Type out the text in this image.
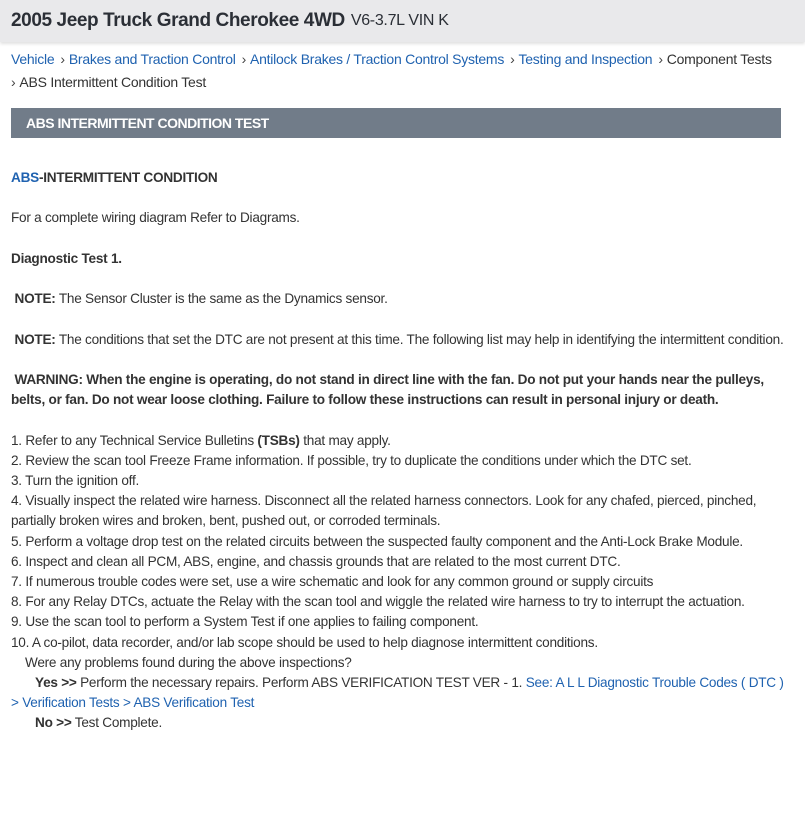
2005 Jeep Truck Grand Cherokee 4WD V6-3.7L VIN K
Vehicle › Brakes and Traction Control › Antilock Brakes / Traction Control Systems › Testing and Inspection › Component Tests
› ABS Intermittent Condition Test
ABS INTERMITTENT CONDITION TEST

ABS-INTERMITTENT CONDITION

For a complete wiring diagram Refer to Diagrams.

Diagnostic Test 1.

NOTE: The Sensor Cluster is the same as the Dynamics sensor.

NOTE: The conditions that set the DTC are not present at this time. The following list may help in identifying the intermittent condition.

WARNING: When the engine is operating, do not stand in direct line with the fan. Do not put your hands near the pulleys, belts, or fan. Do not wear loose clothing. Failure to follow these instructions can result in personal injury or death.

1. Refer to any Technical Service Bulletins (TSBs) that may apply.
2. Review the scan tool Freeze Frame information. If possible, try to duplicate the conditions under which the DTC set.
3. Turn the ignition off.
4. Visually inspect the related wire harness. Disconnect all the related harness connectors. Look for any chafed, pierced, pinched, partially broken wires and broken, bent, pushed out, or corroded terminals.
5. Perform a voltage drop test on the related circuits between the suspected faulty component and the Anti-Lock Brake Module.
6. Inspect and clean all PCM, ABS, engine, and chassis grounds that are related to the most current DTC.
7. If numerous trouble codes were set, use a wire schematic and look for any common ground or supply circuits
8. For any Relay DTCs, actuate the Relay with the scan tool and wiggle the related wire harness to try to interrupt the actuation.
9. Use the scan tool to perform a System Test if one applies to failing component.
10. A co-pilot, data recorder, and/or lab scope should be used to help diagnose intermittent conditions.
Were any problems found during the above inspections?
Yes >> Perform the necessary repairs. Perform ABS VERIFICATION TEST VER - 1. See: A L L Diagnostic Trouble Codes ( DTC ) > Verification Tests > ABS Verification Test
No >> Test Complete.
